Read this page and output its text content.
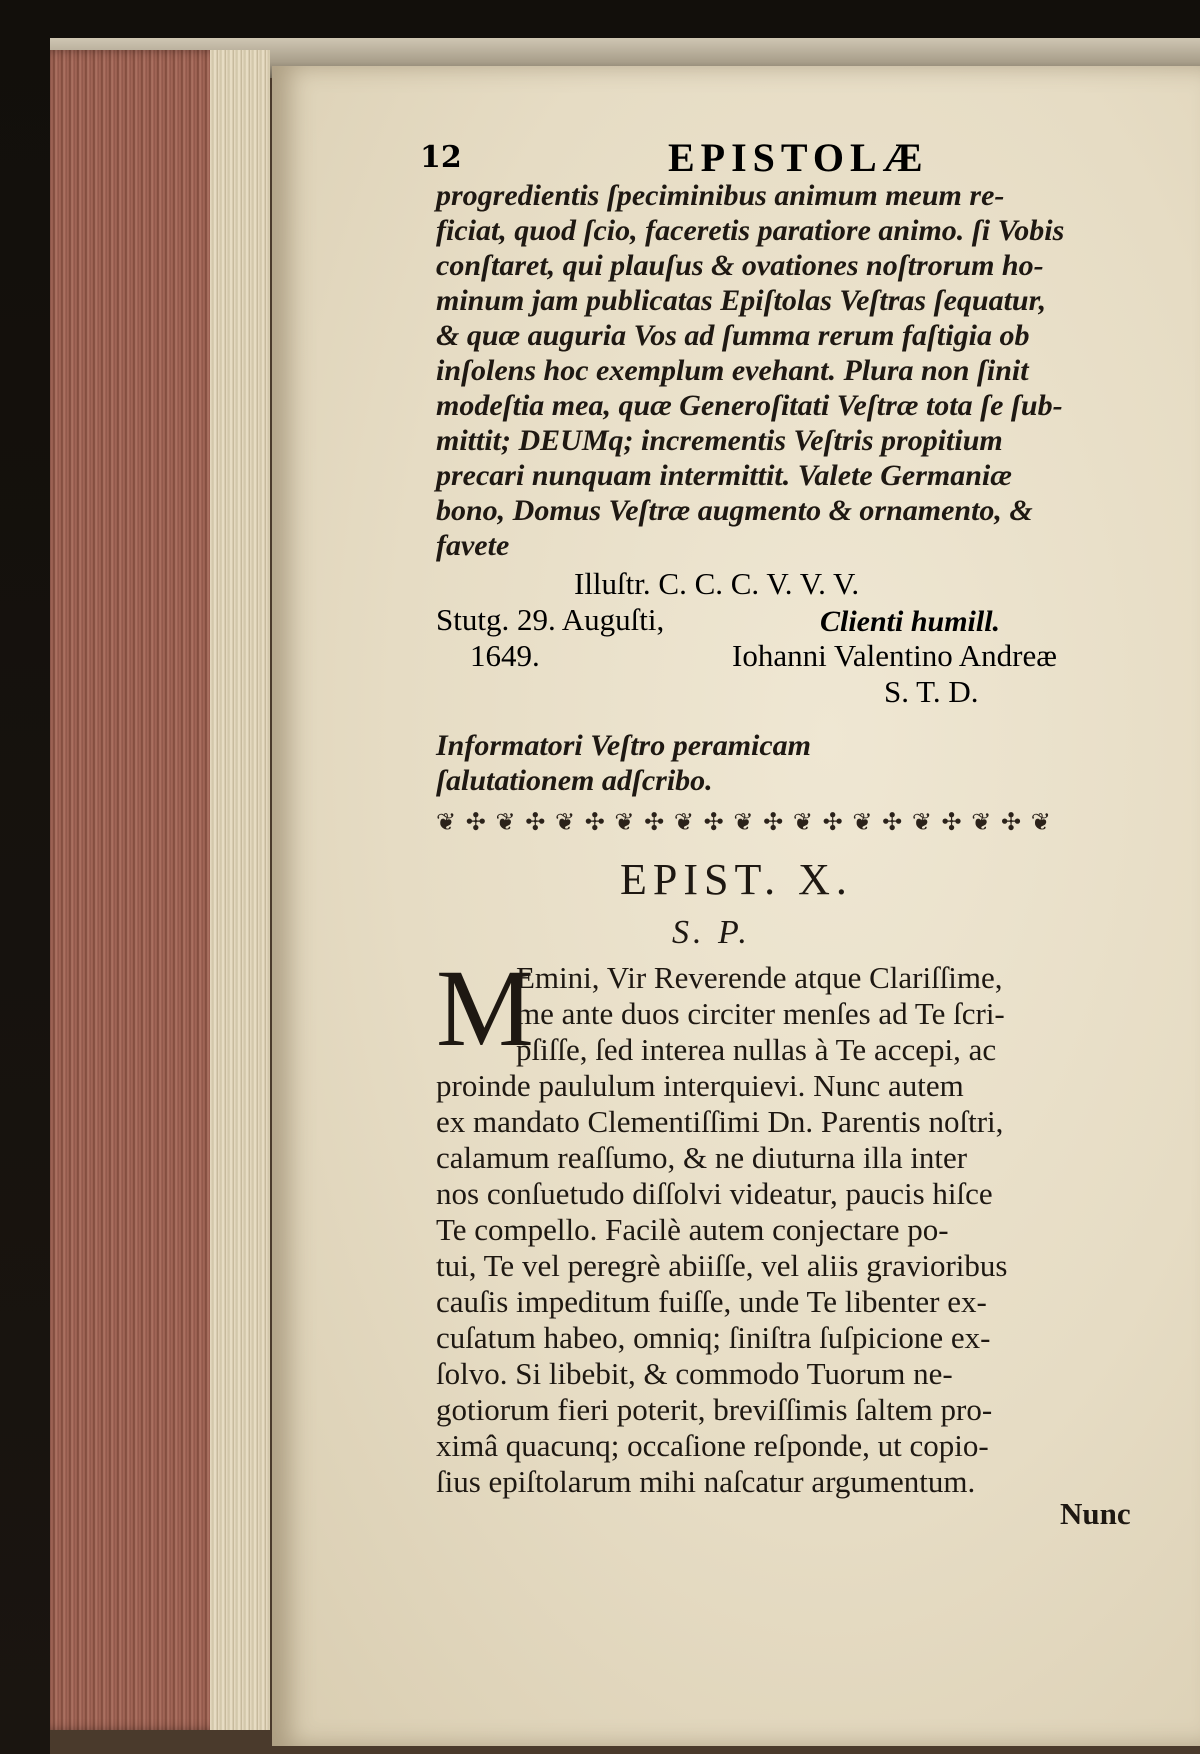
12	EPISTOLÆ
progredientis ſpeciminibus animum meum re-
ficiat, quod ſcio, faceretis paratiore animo. ſi Vobis
conſtaret, qui plauſus & ovationes noſtrorum ho-
minum jam publicatas Epiſtolas Veſtras ſequatur,
& quæ auguria Vos ad ſumma rerum faſtigia ob
inſolens hoc exemplum evehant. Plura non ſinit
modeſtia mea, quæ Generoſitati Veſtræ tota ſe ſub-
mittit; DEUMq; incrementis Veſtris propitium
precari nunquam intermittit. Valete Germaniæ
bono, Domus Veſtræ augmento & ornamento, &
favete
Illuſtr. C. C. C. V. V. V.
Stutg. 29. Auguſti,	Clienti humill.
1649.	Iohanni Valentino Andreæ
S. T. D.
Informatori Veſtro peramicam
ſalutationem adſcribo.
❦ ✣ ❦ ✣ ❦ ✣ ❦ ✣ ❦ ✣ ❦ ✣ ❦ ✣ ❦ ✣ ❦ ✣ ❦ ✣ ❦
EPIST. X.
S. P.
M
Emini, Vir Reverende atque Clariſſime,
me ante duos circiter menſes ad Te ſcri-
pſiſſe, ſed interea nullas à Te accepi, ac
proinde paululum interquievi. Nunc autem
ex mandato Clementiſſimi Dn. Parentis noſtri,
calamum reaſſumo, & ne diuturna illa inter
nos conſuetudo diſſolvi videatur, paucis hiſce
Te compello. Facilè autem conjectare po-
tui, Te vel peregrè abiiſſe, vel aliis gravioribus
cauſis impeditum fuiſſe, unde Te libenter ex-
cuſatum habeo, omniq; ſiniſtra ſuſpicione ex-
ſolvo. Si libebit, & commodo Tuorum ne-
gotiorum fieri poterit, breviſſimis ſaltem pro-
ximâ quacunq; occaſione reſponde, ut copio-
ſius epiſtolarum mihi naſcatur argumentum.
Nunc
